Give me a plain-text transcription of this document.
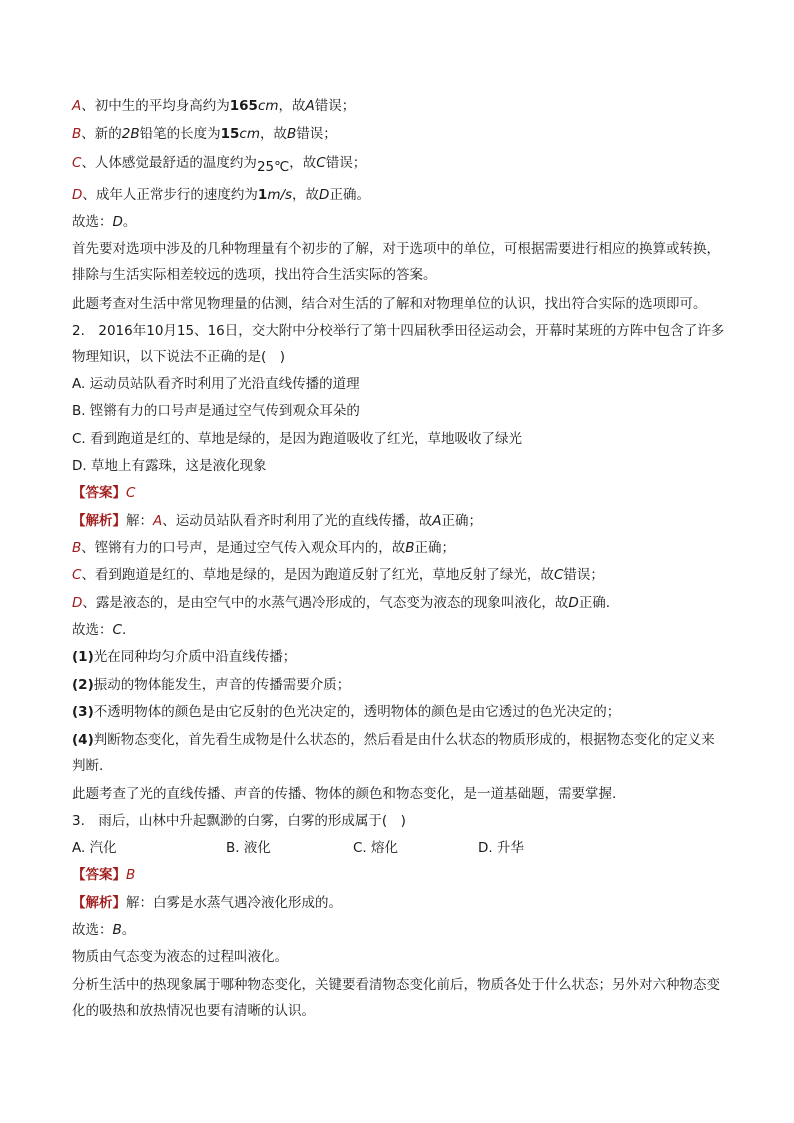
A、初中生的平均身高约为165cm，故A错误；
B、新的2B铅笔的长度为15cm，故B错误；
C、人体感觉最舒适的温度约为25℃，故C错误；
D、成年人正常步行的速度约为1m/s，故D正确。
故选：D。
首先要对选项中涉及的几种物理量有个初步的了解，对于选项中的单位，可根据需要进行相应的换算或转换，排除与生活实际相差较远的选项，找出符合生活实际的答案。
此题考查对生活中常见物理量的估测，结合对生活的了解和对物理单位的认识，找出符合实际的选项即可。
2.　2016年10月15、16日，交大附中分校举行了第十四届秋季田径运动会，开幕时某班的方阵中包含了许多物理知识，以下说法不正确的是(　)
A. 运动员站队看齐时利用了光沿直线传播的道理
B. 铿锵有力的口号声是通过空气传到观众耳朵的
C. 看到跑道是红的、草地是绿的，是因为跑道吸收了红光，草地吸收了绿光
D. 草地上有露珠，这是液化现象
【答案】C
【解析】解：A、运动员站队看齐时利用了光的直线传播，故A正确；
B、铿锵有力的口号声，是通过空气传入观众耳内的，故B正确；
C、看到跑道是红的、草地是绿的，是因为跑道反射了红光，草地反射了绿光，故C错误；
D、露是液态的，是由空气中的水蒸气遇冷形成的，气态变为液态的现象叫液化，故D正确.
故选：C.
(1)光在同种均匀介质中沿直线传播；
(2)振动的物体能发生，声音的传播需要介质；
(3)不透明物体的颜色是由它反射的色光决定的，透明物体的颜色是由它透过的色光决定的；
(4)判断物态变化，首先看生成物是什么状态的，然后看是由什么状态的物质形成的，根据物态变化的定义来判断.
此题考查了光的直线传播、声音的传播、物体的颜色和物态变化，是一道基础题，需要掌握.
3.　雨后，山林中升起飘渺的白雾，白雾的形成属于(　)
A. 汽化	B. 液化	C. 熔化	D. 升华
【答案】B
【解析】解：白雾是水蒸气遇冷液化形成的。
故选：B。
物质由气态变为液态的过程叫液化。
分析生活中的热现象属于哪种物态变化，关键要看清物态变化前后，物质各处于什么状态；另外对六种物态变化的吸热和放热情况也要有清晰的认识。
